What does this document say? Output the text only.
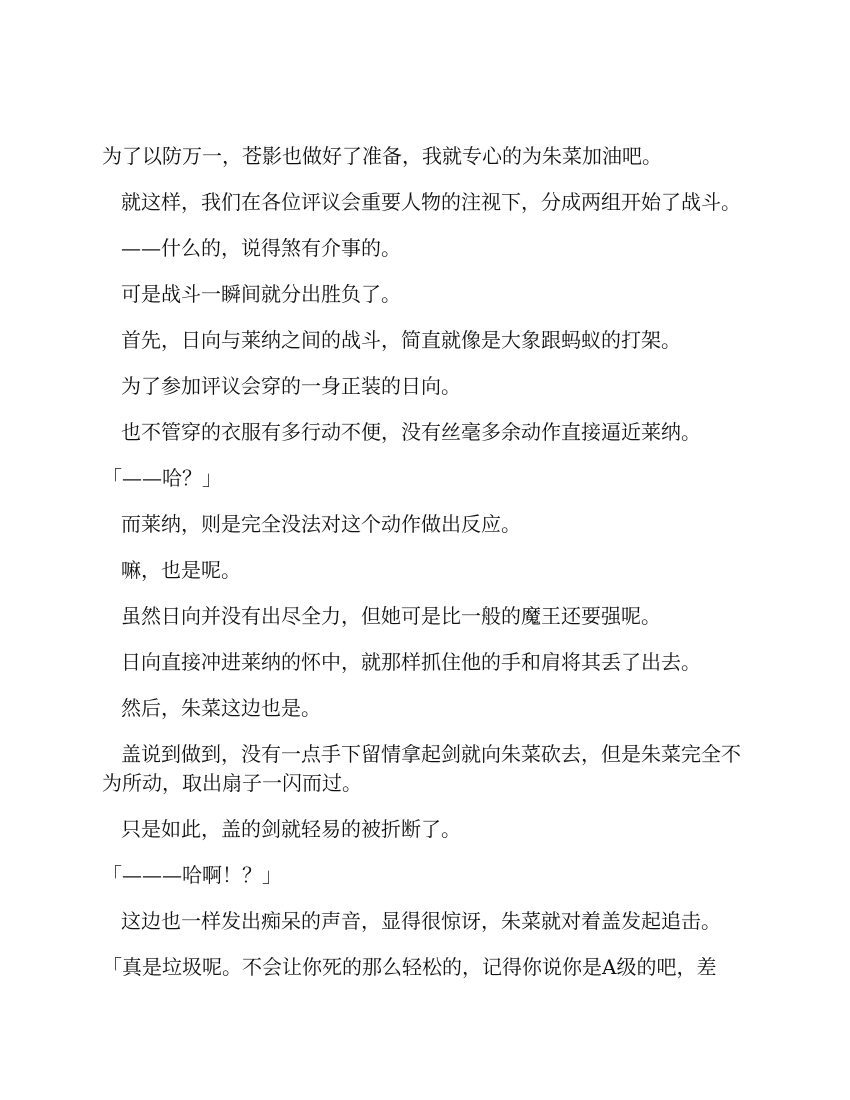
为了以防万一，苍影也做好了准备，我就专心的为朱菜加油吧。

就这样，我们在各位评议会重要人物的注视下，分成两组开始了战斗。

——什么的，说得煞有介事的。

可是战斗一瞬间就分出胜负了。

首先，日向与莱纳之间的战斗，简直就像是大象跟蚂蚁的打架。

为了参加评议会穿的一身正装的日向。

也不管穿的衣服有多行动不便，没有丝毫多余动作直接逼近莱纳。

「——哈？」

而莱纳，则是完全没法对这个动作做出反应。

嘛，也是呢。

虽然日向并没有出尽全力，但她可是比一般的魔王还要强呢。

日向直接冲进莱纳的怀中，就那样抓住他的手和肩将其丢了出去。

然后，朱菜这边也是。

盖说到做到，没有一点手下留情拿起剑就向朱菜砍去，但是朱菜完全不为所动，取出扇子一闪而过。

只是如此，盖的剑就轻易的被折断了。

「———哈啊！？」

这边也一样发出痴呆的声音，显得很惊讶，朱菜就对着盖发起追击。

「真是垃圾呢。不会让你死的那么轻松的，记得你说你是A级的吧，差
